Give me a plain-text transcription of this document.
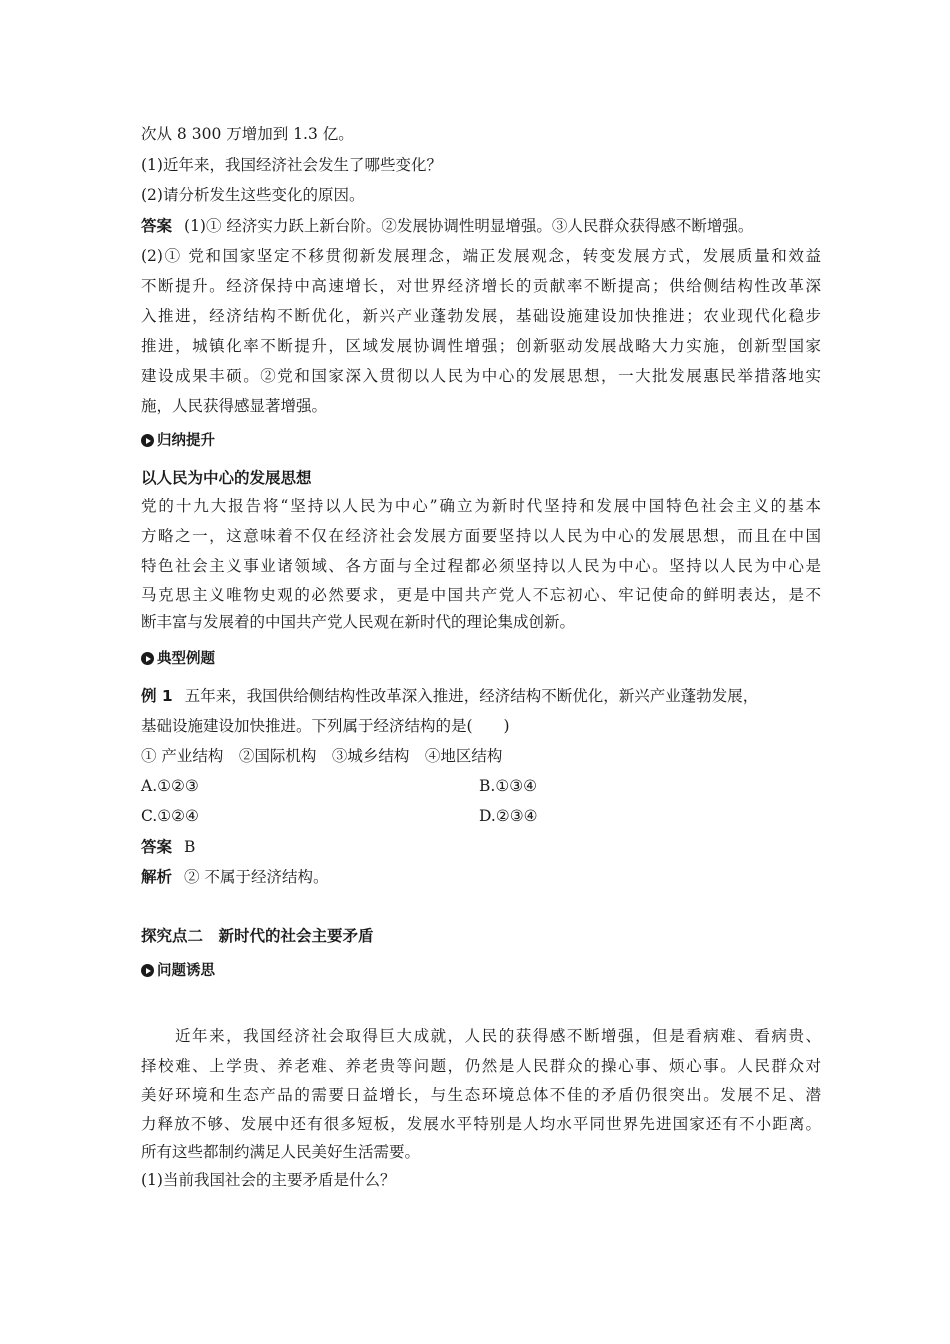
次从 8 300 万增加到 1.3 亿。
(1)近年来，我国经济社会发生了哪些变化？
(2)请分析发生这些变化的原因。
答案 (1)① 经济实力跃上新台阶。②发展协调性明显增强。③人民群众获得感不断增强。
(2)① 党和国家坚定不移贯彻新发展理念，端正发展观念，转变发展方式，发展质量和效益
不断提升。经济保持中高速增长，对世界经济增长的贡献率不断提高；供给侧结构性改革深
入推进，经济结构不断优化，新兴产业蓬勃发展，基础设施建设加快推进；农业现代化稳步
推进，城镇化率不断提升，区域发展协调性增强；创新驱动发展战略大力实施，创新型国家
建设成果丰硕。②党和国家深入贯彻以人民为中心的发展思想，一大批发展惠民举措落地实
施，人民获得感显著增强。
归纳提升
以人民为中心的发展思想
党的十九大报告将“坚持以人民为中心”确立为新时代坚持和发展中国特色社会主义的基本
方略之一，这意味着不仅在经济社会发展方面要坚持以人民为中心的发展思想，而且在中国
特色社会主义事业诸领域、各方面与全过程都必须坚持以人民为中心。坚持以人民为中心是
马克思主义唯物史观的必然要求，更是中国共产党人不忘初心、牢记使命的鲜明表达，是不
断丰富与发展着的中国共产党人民观在新时代的理论集成创新。
典型例题
例 1 五年来，我国供给侧结构性改革深入推进，经济结构不断优化，新兴产业蓬勃发展，
基础设施建设加快推进。下列属于经济结构的是(　　)
① 产业结构　②国际机构　③城乡结构　④地区结构
A.①②③	B.①③④
C.①②④	D.②③④
答案 B
解析 ② 不属于经济结构。
探究点二　新时代的社会主要矛盾
问题诱思
近年来，我国经济社会取得巨大成就，人民的获得感不断增强，但是看病难、看病贵、
择校难、上学贵、养老难、养老贵等问题，仍然是人民群众的操心事、烦心事。人民群众对
美好环境和生态产品的需要日益增长，与生态环境总体不佳的矛盾仍很突出。发展不足、潜
力释放不够、发展中还有很多短板，发展水平特别是人均水平同世界先进国家还有不小距离。
所有这些都制约满足人民美好生活需要。
(1)当前我国社会的主要矛盾是什么？
